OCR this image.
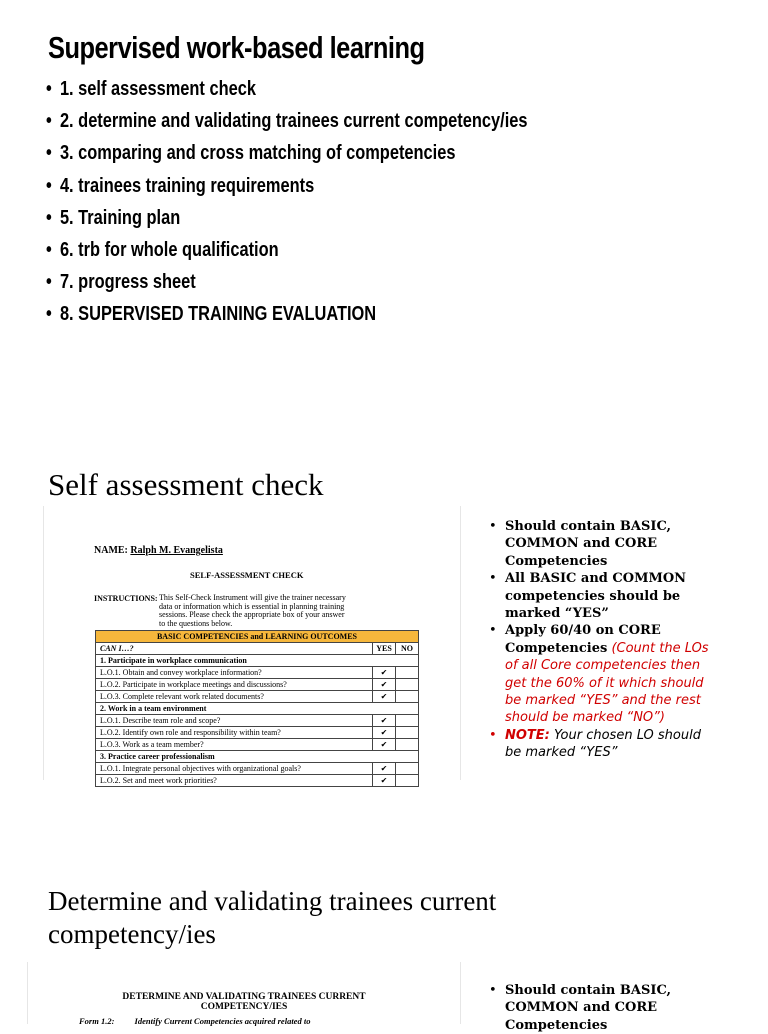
Supervised work-based learning
• 1. self assessment check
• 2. determine and validating trainees current competency/ies
• 3. comparing and cross matching of competencies
• 4. trainees training requirements
• 5. Training plan
• 6. trb for whole qualification
• 7. progress sheet
• 8. SUPERVISED TRAINING EVALUATION
Self assessment check
NAME: Ralph M. Evangelista
SELF-ASSESSMENT CHECK
INSTRUCTIONS: This Self-Check Instrument will give the trainer necessary
data or information which is essential in planning training
sessions. Please check the appropriate box of your answer
to the questions below.
BASIC COMPETENCIES and LEARNING OUTCOMES		
CAN I…?	YES	NO
1. Participate in workplace communication		
L.O.1. Obtain and convey workplace information?	✔	
L.O.2. Participate in workplace meetings and discussions?	✔	
L.O.3. Complete relevant work related documents?	✔	
2. Work in a team environment		
L.O.1. Describe team role and scope?	✔	
L.O.2. Identify own role and responsibility within team?	✔	
L.O.3. Work as a team member?	✔	
3. Practice career professionalism		
L.O.1. Integrate personal objectives with organizational goals?	✔	
L.O.2. Set and meet work priorities?	✔	
• Should contain BASIC, COMMON and CORE Competencies
• All BASIC and COMMON competencies should be marked “YES”
• Apply 60/40 on CORE Competencies (Count the LOs of all Core competencies then get the 60% of it which should be marked “YES” and the rest should be marked “NO”)
• NOTE: Your chosen LO should be marked “YES”
Determine and validating trainees current
competency/ies
DETERMINE AND VALIDATING TRAINEES CURRENT
COMPETENCY/IES
Form 1.2: Identify Current Competencies acquired related to
• Should contain BASIC, COMMON and CORE Competencies
